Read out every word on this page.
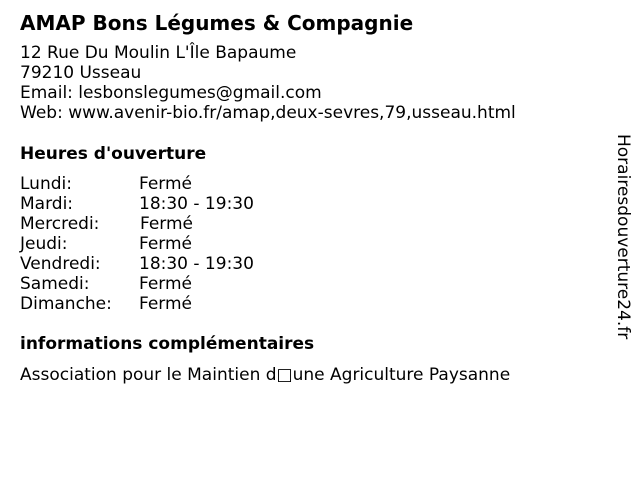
AMAP Bons Légumes & Compagnie
12 Rue Du Moulin L'Île Bapaume
79210 Usseau
Email: lesbonslegumes@gmail.com
Web: www.avenir-bio.fr/amap,deux-sevres,79,usseau.html
Heures d'ouverture
Lundi:	Fermé
Mardi:	18:30 - 19:30
Mercredi: Fermé
Jeudi:	Fermé
Vendredi: 18:30 - 19:30
Samedi:	Fermé
Dimanche: Fermé
informations complémentaires
Association pour le Maintien d□une Agriculture Paysanne
Horairesdouverture24.fr
